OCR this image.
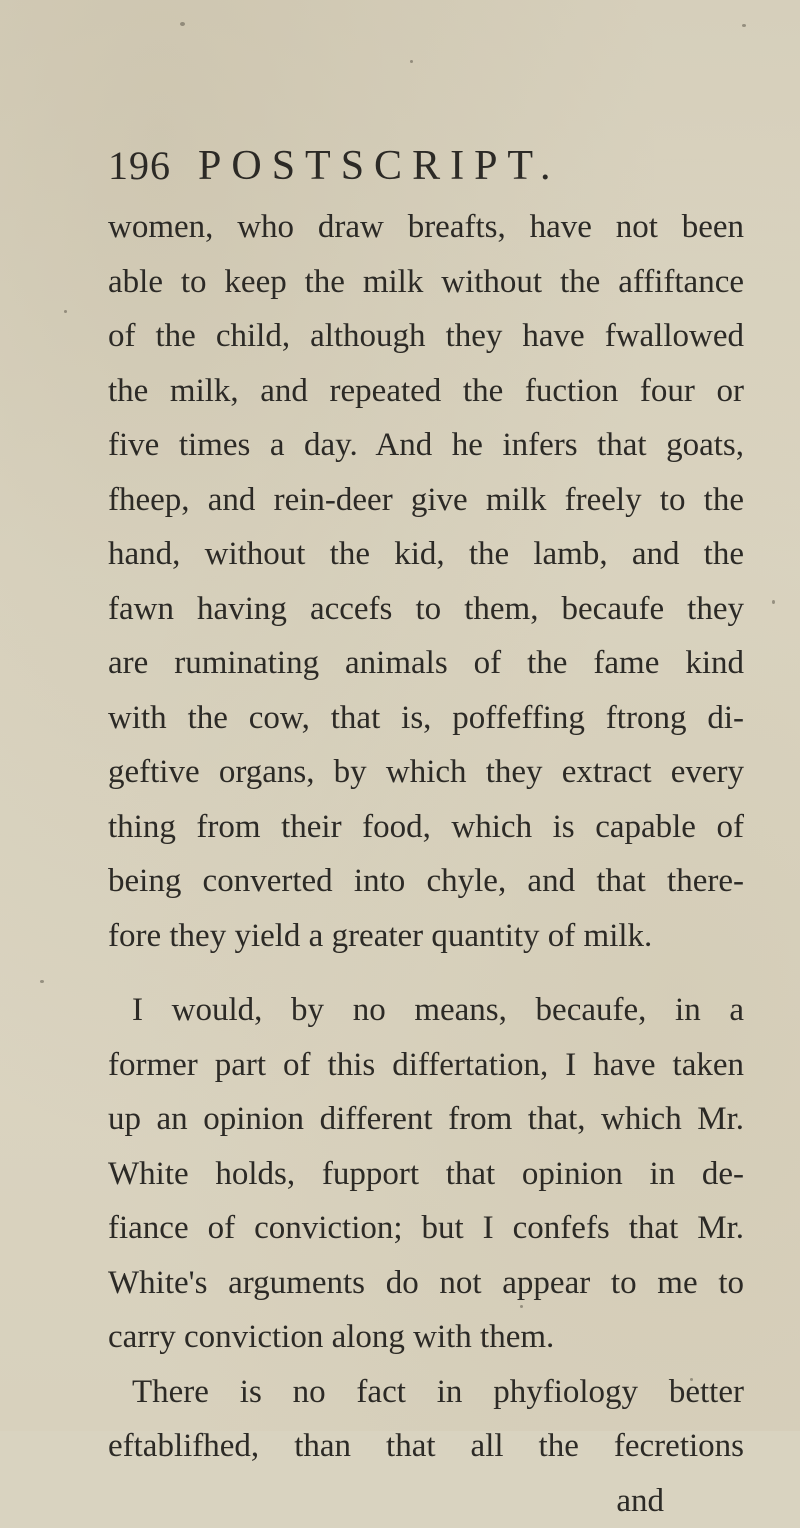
196 POSTSCRIPT.
women, who draw breafts, have not been
able to keep the milk without the affiftance
of the child, although they have fwallowed
the milk, and repeated the fuction four or
five times a day. And he infers that goats,
fheep, and rein-deer give milk freely to the
hand, without the kid, the lamb, and the
fawn having accefs to them, becaufe they
are ruminating animals of the fame kind
with the cow, that is, poffeffing ftrong di-
geftive organs, by which they extract every
thing from their food, which is capable of
being converted into chyle, and that there-
fore they yield a greater quantity of milk.
I would, by no means, becaufe, in a
former part of this differtation, I have taken
up an opinion different from that, which Mr.
White holds, fupport that opinion in de-
fiance of conviction; but I confefs that Mr.
White's arguments do not appear to me to
carry conviction along with them.
There is no fact in phyfiology better
eftablifhed, than that all the fecretions
and
